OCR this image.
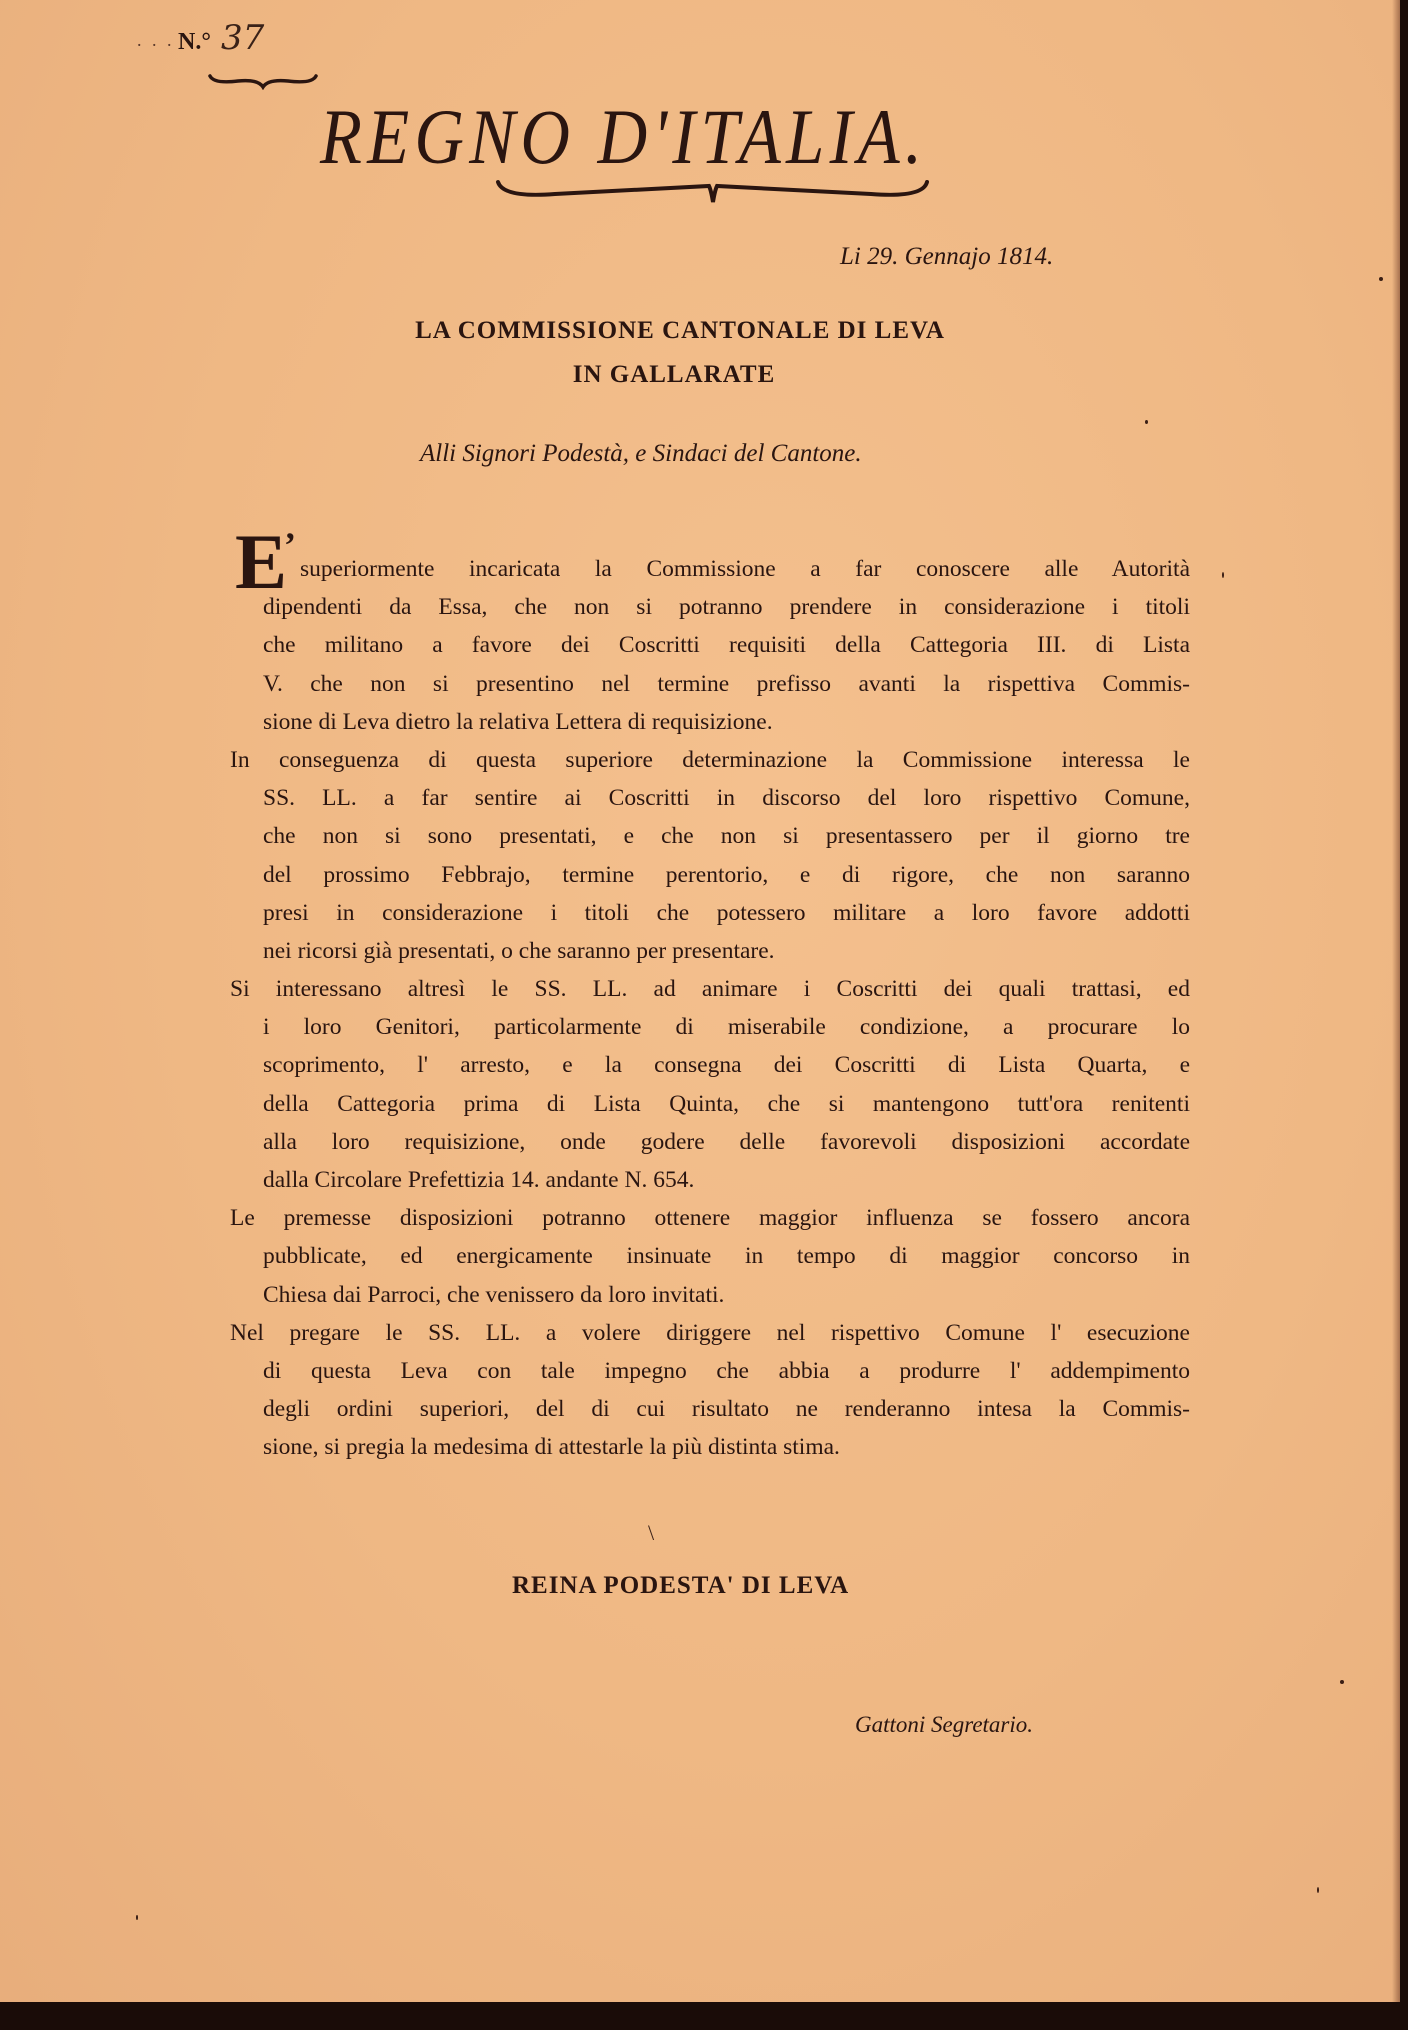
. . . N.° 37
REGNO D'ITALIA.
Li 29. Gennajo 1814.
LA COMMISSIONE CANTONALE DI LEVA
IN GALLARATE
Alli Signori Podestà, e Sindaci del Cantone.
E
’
superiormente incaricata la Commissione a far conoscere alle Autorità
dipendenti da Essa, che non si potranno prendere in considerazione i titoli
che militano a favore dei Coscritti requisiti della Cattegoria III. di Lista
V. che non si presentino nel termine prefisso avanti la rispettiva Commis-
sione di Leva dietro la relativa Lettera di requisizione.
In conseguenza di questa superiore determinazione la Commissione interessa le
SS. LL. a far sentire ai Coscritti in discorso del loro rispettivo Comune,
che non si sono presentati, e che non si presentassero per il giorno tre
del prossimo Febbrajo, termine perentorio, e di rigore, che non saranno
presi in considerazione i titoli che potessero militare a loro favore addotti
nei ricorsi già presentati, o che saranno per presentare.
Si interessano altresì le SS. LL. ad animare i Coscritti dei quali trattasi, ed
i loro Genitori, particolarmente di miserabile condizione, a procurare lo
scoprimento, l' arresto, e la consegna dei Coscritti di Lista Quarta, e
della Cattegoria prima di Lista Quinta, che si mantengono tutt'ora renitenti
alla loro requisizione, onde godere delle favorevoli disposizioni accordate
dalla Circolare Prefettizia 14. andante N. 654.
Le premesse disposizioni potranno ottenere maggior influenza se fossero ancora
pubblicate, ed energicamente insinuate in tempo di maggior concorso in
Chiesa dai Parroci, che venissero da loro invitati.
Nel pregare le SS. LL. a volere diriggere nel rispettivo Comune l' esecuzione
di questa Leva con tale impegno che abbia a produrre l' addempimento
degli ordini superiori, del di cui risultato ne renderanno intesa la Commis-
sione, si pregia la medesima di attestarle la più distinta stima.
\
REINA PODESTA' DI LEVA
Gattoni Segretario.
